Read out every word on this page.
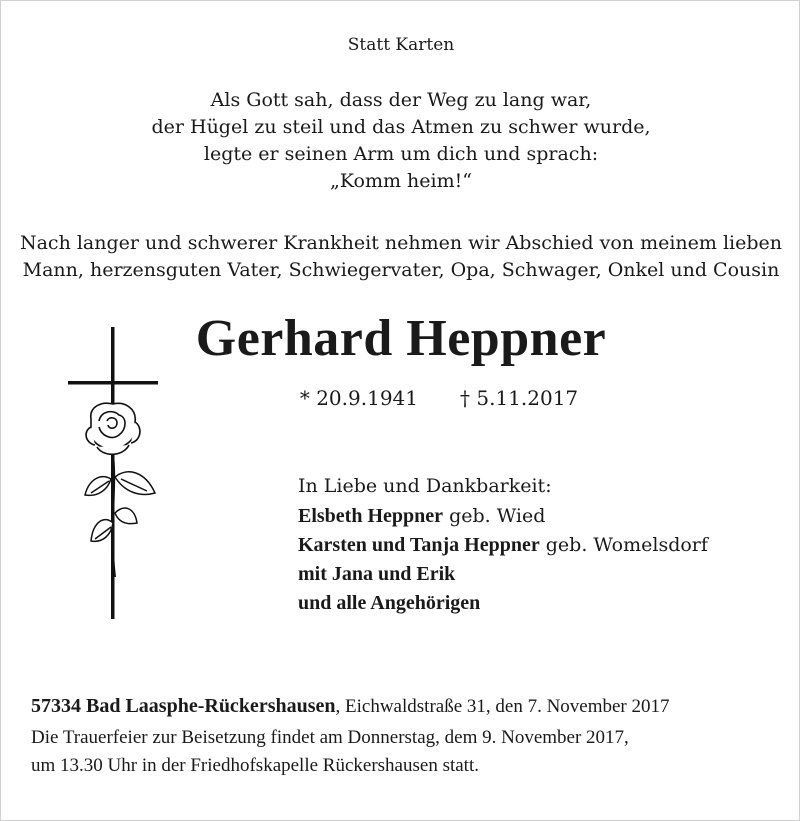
Statt Karten
Als Gott sah, dass der Weg zu lang war,
der Hügel zu steil und das Atmen zu schwer wurde,
legte er seinen Arm um dich und sprach:
„Komm heim!“
Nach langer und schwerer Krankheit nehmen wir Abschied von meinem lieben
Mann, herzensguten Vater, Schwiegervater, Opa, Schwager, Onkel und Cousin
Gerhard Heppner
* 20.9.1941 † 5.11.2017
In Liebe und Dankbarkeit:
Elsbeth Heppner geb. Wied
Karsten und Tanja Heppner geb. Womelsdorf
mit Jana und Erik
und alle Angehörigen
57334 Bad Laasphe-Rückershausen, Eichwaldstraße 31, den 7. November 2017
Die Trauerfeier zur Beisetzung findet am Donnerstag, dem 9. November 2017,
um 13.30 Uhr in der Friedhofskapelle Rückershausen statt.
